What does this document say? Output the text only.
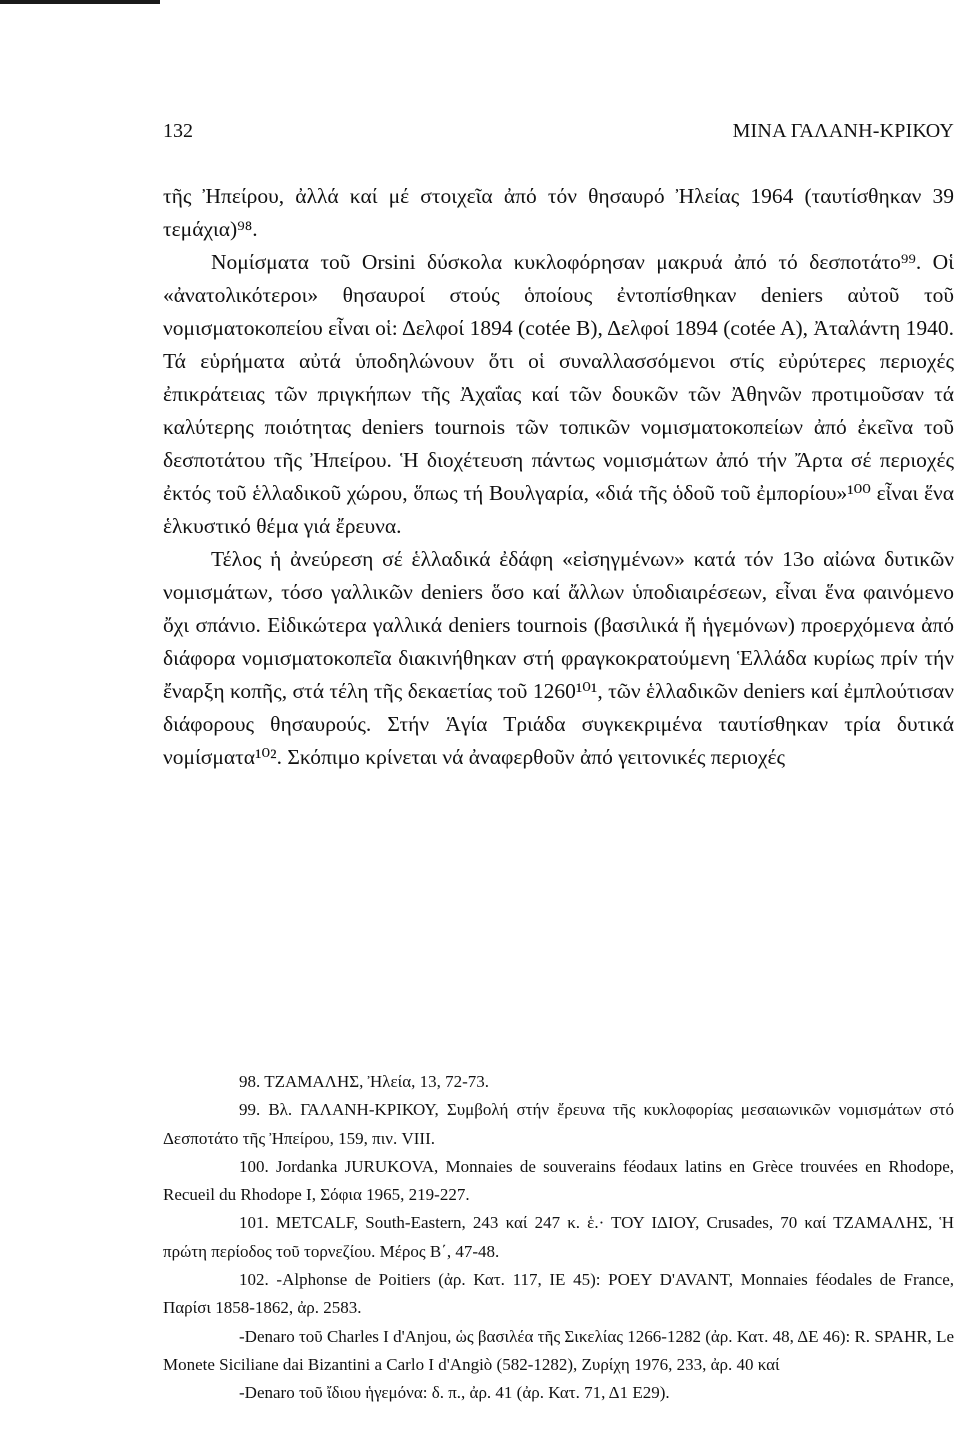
132	ΜΙΝΑ ΓΑΛΑΝΗ-ΚΡΙΚΟΥ

τῆς Ἠπείρου, ἀλλά καί μέ στοιχεῖα ἀπό τόν θησαυρό Ἠλείας 1964 (ταυτίσθηκαν 39 τεμάχια)⁹⁸.

Νομίσματα τοῦ Orsini δύσκολα κυκλοφόρησαν μακρυά ἀπό τό δεσποτάτο⁹⁹. Οἱ «ἀνατολικότεροι» θησαυροί στούς ὁποίους ἐντοπίσθηκαν deniers αὐτοῦ τοῦ νομισματοκοπείου εἶναι οἱ: Δελφοί 1894 (cotée B), Δελφοί 1894 (cotée A), Ἀταλάντη 1940. Τά εὑρήματα αὐτά ὑποδηλώνουν ὅτι οἱ συναλλασσόμενοι στίς εὐρύτερες περιοχές ἐπικράτειας τῶν πριγκήπων τῆς Ἀχαΐας καί τῶν δουκῶν τῶν Ἀθηνῶν προτιμοῦσαν τά καλύτερης ποιότητας deniers tournois τῶν τοπικῶν νομισματοκοπείων ἀπό ἐκεῖνα τοῦ δεσποτάτου τῆς Ἠπείρου. Ἡ διοχέτευση πάντως νομισμάτων ἀπό τήν Ἄρτα σέ περιοχές ἐκτός τοῦ ἑλλαδικοῦ χώρου, ὅπως τή Βουλγαρία, «διά τῆς ὁδοῦ τοῦ ἐμπορίου»¹⁰⁰ εἶναι ἕνα ἑλκυστικό θέμα γιά ἔρευνα.

Τέλος ἡ ἀνεύρεση σέ ἑλλαδικά ἐδάφη «εἰσηγμένων» κατά τόν 13ο αἰώνα δυτικῶν νομισμάτων, τόσο γαλλικῶν deniers ὅσο καί ἄλλων ὑποδιαιρέσεων, εἶναι ἕνα φαινόμενο ὄχι σπάνιο. Εἰδικώτερα γαλλικά deniers tournois (βασιλικά ἤ ἡγεμόνων) προερχόμενα ἀπό διάφορα νομισματοκοπεῖα διακινήθηκαν στή φραγκοκρατούμενη Ἑλλάδα κυρίως πρίν τήν ἔναρξη κοπῆς, στά τέλη τῆς δεκαετίας τοῦ 1260¹⁰¹, τῶν ἑλλαδικῶν deniers καί ἐμπλούτισαν διάφορους θησαυρούς. Στήν Ἁγία Τριάδα συγκεκριμένα ταυτίσθηκαν τρία δυτικά νομίσματα¹⁰². Σκόπιμο κρίνεται νά ἀναφερθοῦν ἀπό γειτονικές περιοχές

98. ΤΖΑΜΑΛΗΣ, Ἠλεία, 13, 72-73.

99. Βλ. ΓΑΛΑΝΗ-ΚΡΙΚΟΥ, Συμβολή στήν ἔρευνα τῆς κυκλοφορίας μεσαιωνικῶν νομισμάτων στό Δεσποτάτο τῆς Ἠπείρου, 159, πιν. VIII.

100. Jordanka JURUKOVA, Monnaies de souverains féodaux latins en Grèce trouvées en Rhodope, Recueil du Rhodope I, Σόφια 1965, 219-227.

101. METCALF, South-Eastern, 243 καί 247 κ. ἑ.· ΤΟΥ ΙΔΙΟΥ, Crusades, 70 καί ΤΖΑΜΑΛΗΣ, Ἡ πρώτη περίοδος τοῦ τορνεζίου. Μέρος Β΄, 47-48.

102. -Alphonse de Poitiers (ἀρ. Κατ. 117, ΙΕ 45): POEY D'AVANT, Monnaies féodales de France, Παρίσι 1858-1862, ἀρ. 2583.

-Denaro τοῦ Charles I d'Anjou, ὡς βασιλέα τῆς Σικελίας 1266-1282 (ἀρ. Κατ. 48, ΔΕ 46): R. SPAHR, Le Monete Siciliane dai Bizantini a Carlo I d'Angiò (582-1282), Ζυρίχη 1976, 233, ἀρ. 40 καί

-Denaro τοῦ ἴδιου ἡγεμόνα: δ. π., ἀρ. 41 (ἀρ. Κατ. 71, Δ1 Ε29).
